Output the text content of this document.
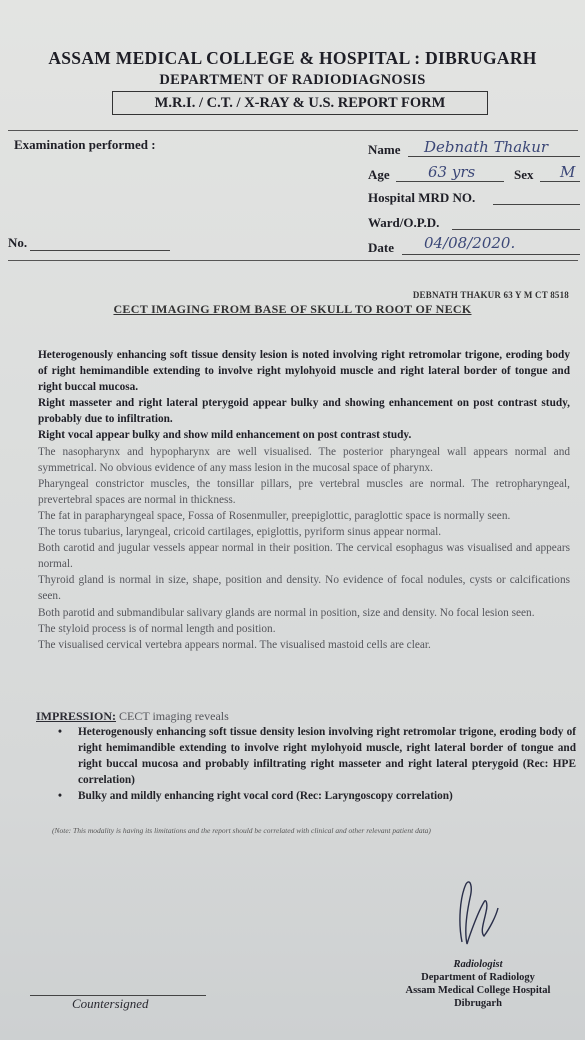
ASSAM MEDICAL COLLEGE & HOSPITAL : DIBRUGARH
DEPARTMENT OF RADIODIAGNOSIS
M.R.I. / C.T. / X-RAY & U.S. REPORT FORM
Examination performed :	Name Debnath Thakur
Age	63 yrs	Sex M
Hospital MRD NO.
Ward/O.P.D.
No.	Date 04/08/2020.
DEBNATH THAKUR 63 Y M CT 8518
CECT IMAGING FROM BASE OF SKULL TO ROOT OF NECK

Heterogenously enhancing soft tissue density lesion is noted involving right retromolar trigone, eroding body of right hemimandible extending to involve right mylohyoid muscle and right lateral border of tongue and right buccal mucosa.

Right masseter and right lateral pterygoid appear bulky and showing enhancement on post contrast study, probably due to infiltration.

Right vocal appear bulky and show mild enhancement on post contrast study.

The nasopharynx and hypopharynx are well visualised. The posterior pharyngeal wall appears normal and symmetrical. No obvious evidence of any mass lesion in the mucosal space of pharynx.

Pharyngeal constrictor muscles, the tonsillar pillars, pre vertebral muscles are normal. The retropharyngeal, prevertebral spaces are normal in thickness.

The fat in parapharyngeal space, Fossa of Rosenmuller, preepiglottic, paraglottic space is normally seen.

The torus tubarius, laryngeal, cricoid cartilages, epiglottis, pyriform sinus appear normal.

Both carotid and jugular vessels appear normal in their position. The cervical esophagus was visualised and appears normal.

Thyroid gland is normal in size, shape, position and density. No evidence of focal nodules, cysts or calcifications seen.

Both parotid and submandibular salivary glands are normal in position, size and density. No focal lesion seen.

The styloid process is of normal length and position.

The visualised cervical vertebra appears normal. The visualised mastoid cells are clear.

IMPRESSION: CECT imaging reveals
• Heterogenously enhancing soft tissue density lesion involving right retromolar trigone, eroding body of right hemimandible extending to involve right mylohyoid muscle, right lateral border of tongue and right buccal mucosa and probably infiltrating right masseter and right lateral pterygoid (Rec: HPE correlation)
• Bulky and mildly enhancing right vocal cord (Rec: Laryngoscopy correlation)
(Note: This modality is having its limitations and the report should be correlated with clinical and other relevant patient data)
Radiologist
Department of Radiology
Assam Medical College Hospital
Dibrugarh
Countersigned
